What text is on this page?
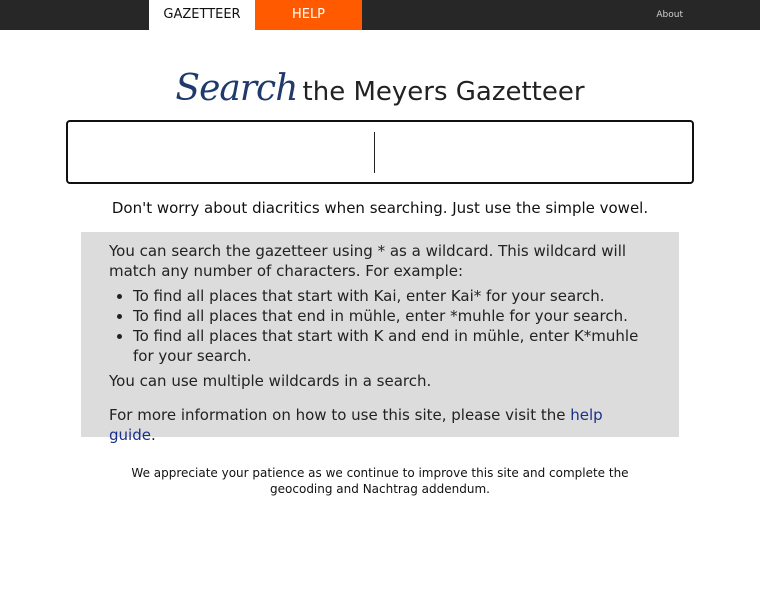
GAZETTEER	HELP	About
Search the Meyers Gazetteer
Don't worry about diacritics when searching. Just use the simple vowel.

You can search the gazetteer using * as a wildcard. This wildcard will match any number of characters. For example:

• To find all places that start with Kai, enter Kai* for your search.
• To find all places that end in mühle, enter *muhle for your search.
• To find all places that start with K and end in mühle, enter K*muhle for your search.

You can use multiple wildcards in a search.

For more information on how to use this site, please visit the help guide.

We appreciate your patience as we continue to improve this site and complete the geocoding and Nachtrag addendum.
